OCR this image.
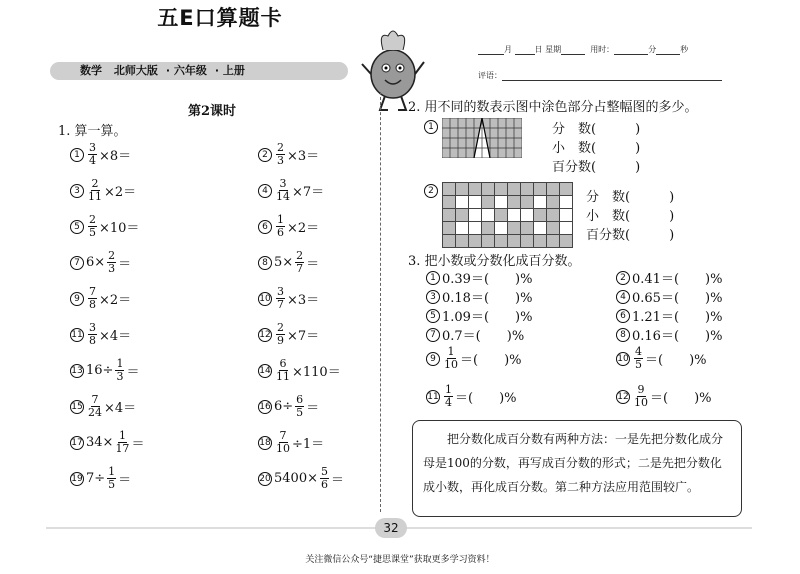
五E口算题卡
数学 北师大版 · 六年级 · 上册
月	日 星期	用时：	分	秒
评语：
第2课时
1. 算一算。
$1 \frac{3}{4} \times 8=$	$2 \frac{2}{3} \times 3=$
$3 \frac{2}{11} \times 2=$	$4 \frac{3}{14} \times 7=$
$5 \frac{2}{5} \times 10=$	$6 \frac{1}{6} \times 2=$
7 $6\times \frac{2}{3}$ ＝	8 $5\times \frac{2}{7}$ ＝
$9 \frac{7}{8} \times 2=$	$10 \frac{3}{7} \times 3=$
$11 \frac{3}{8} \times 4=$	$12 \frac{2}{9} \times 7=$
13 $16\div \frac{1}{3}$ ＝	$14 \frac{6}{11} \times 110=$
$15 \frac{7}{24} \times 4=$	16 $6\div \frac{6}{5}$ ＝
17 $34\times \frac{1}{17}$ ＝	$18 \frac{7}{10} \div 1=$
19 $7\div \frac{1}{5}$ ＝	20 $5400\times \frac{5}{6}$ ＝
2. 用不同的数表示图中涂色部分占整幅图的多少。
1	分　数(　　　)
小　数(　　　)
百分数(　　　)
2

										分　数(　　　)
小　数(　　　)
百分数(　　　)
3. 把小数或分数化成百分数。
1 0.39＝(　　)%	2 0.41＝(　　)%
3 0.18＝(　　)%	4 0.65＝(　　)%
5 1.09＝(　　)%	6 1.21＝(　　)%
7 0.7＝(　　)%	8 0.16＝(　　)%
$9 \frac{1}{10}$ ＝(　　)%	$10 \frac{4}{5}$ ＝(　　)%
$11 \frac{1}{4}$ ＝(　　)%	$12 \frac{9}{10}$ ＝(　　)%
把分数化成百分数有两种方法：一是先把分数化成分母是100的分数，再写成百分数的形式；二是先把分数化成小数，再化成百分数。第二种方法应用范围较广。
32
关注微信公众号“捷思课堂”获取更多学习资料！
